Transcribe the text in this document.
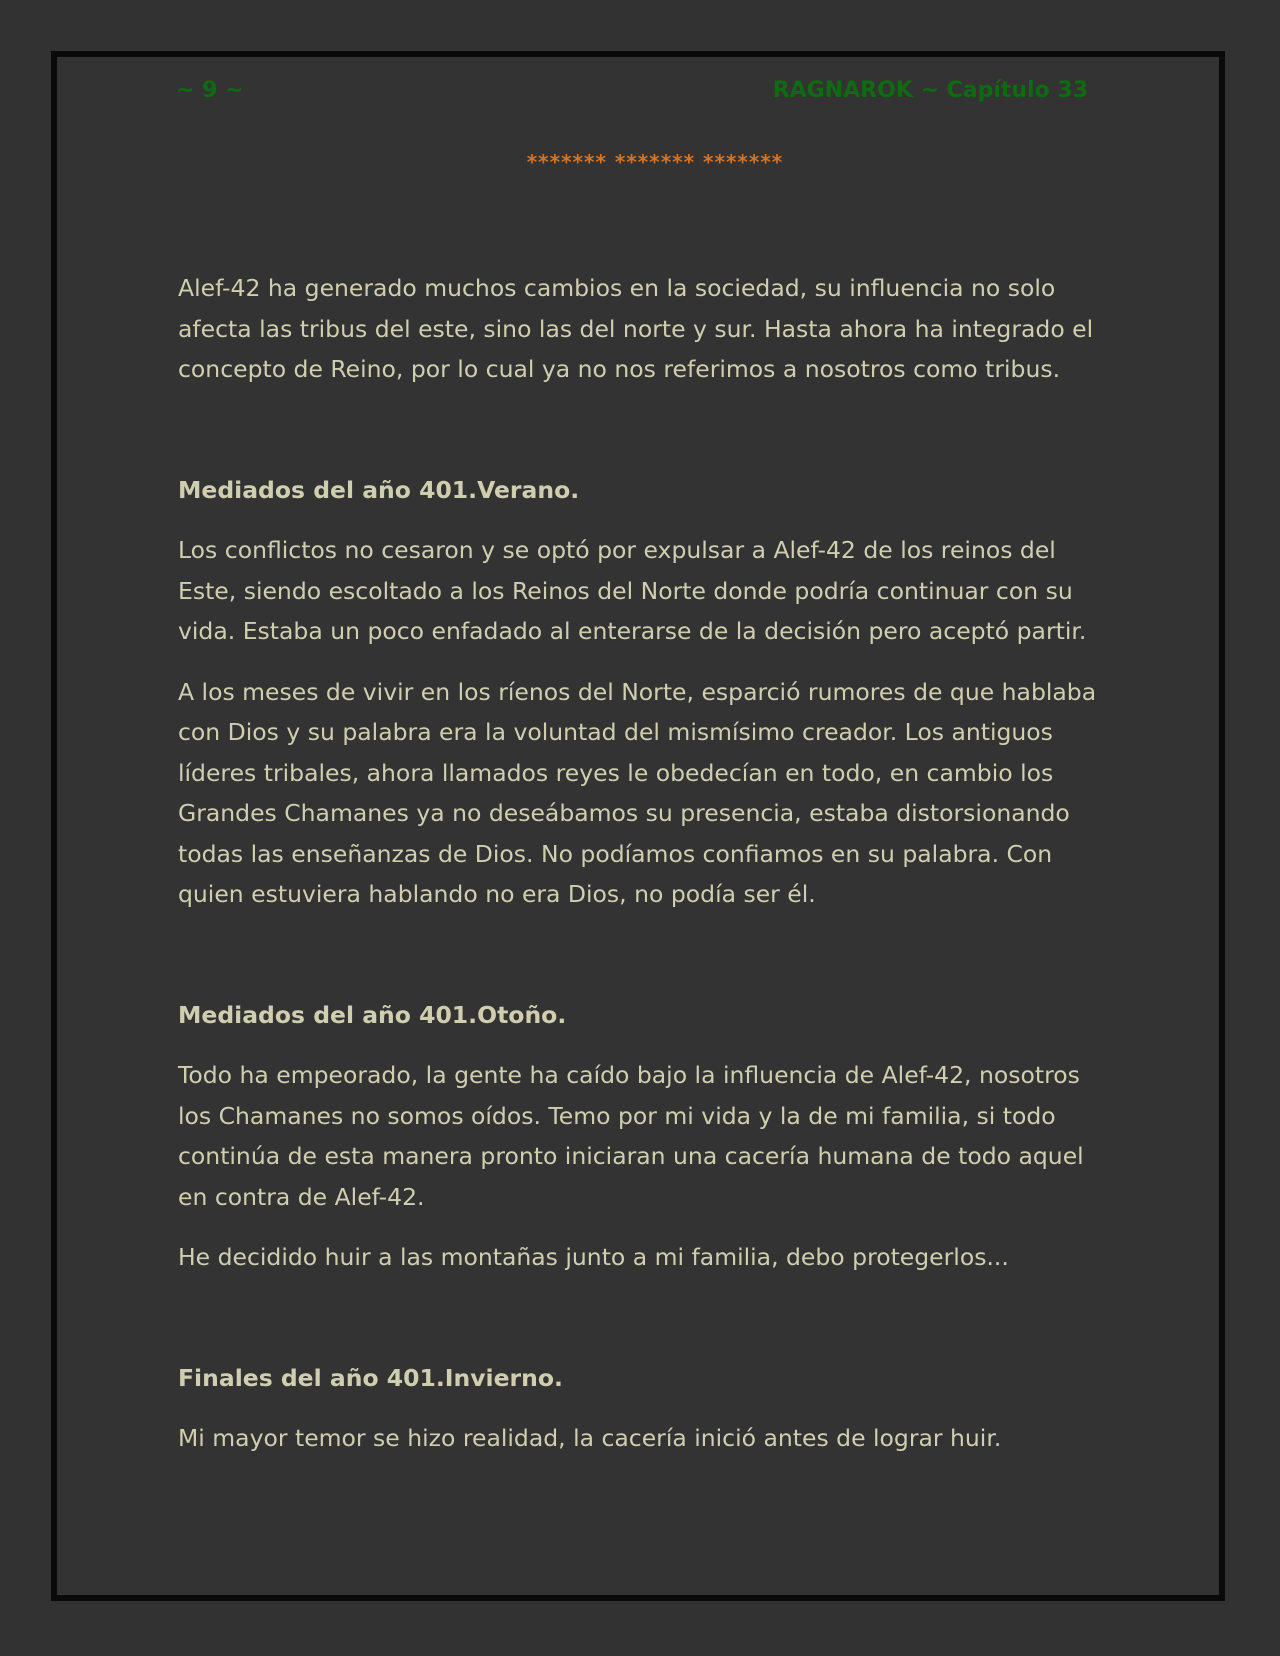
~ 9 ~	RAGNAROK ~ Capítulo 33
******* ******* *******

Alef-42 ha generado muchos cambios en la sociedad, su influencia no solo afecta las tribus del este, sino las del norte y sur. Hasta ahora ha integrado el concepto de Reino, por lo cual ya no nos referimos a nosotros como tribus.

Mediados del año 401.Verano.

Los conflictos no cesaron y se optó por expulsar a Alef-42 de los reinos del Este, siendo escoltado a los Reinos del Norte donde podría continuar con su vida. Estaba un poco enfadado al enterarse de la decisión pero aceptó partir.

A los meses de vivir en los ríenos del Norte, esparció rumores de que hablaba con Dios y su palabra era la voluntad del mismísimo creador. Los antiguos líderes tribales, ahora llamados reyes le obedecían en todo, en cambio los Grandes Chamanes ya no deseábamos su presencia, estaba distorsionando todas las enseñanzas de Dios. No podíamos confiamos en su palabra. Con quien estuviera hablando no era Dios, no podía ser él.

Mediados del año 401.Otoño.

Todo ha empeorado, la gente ha caído bajo la influencia de Alef-42, nosotros los Chamanes no somos oídos. Temo por mi vida y la de mi familia, si todo continúa de esta manera pronto iniciaran una cacería humana de todo aquel en contra de Alef-42.

He decidido huir a las montañas junto a mi familia, debo protegerlos...

Finales del año 401.Invierno.

Mi mayor temor se hizo realidad, la cacería inició antes de lograr huir.
